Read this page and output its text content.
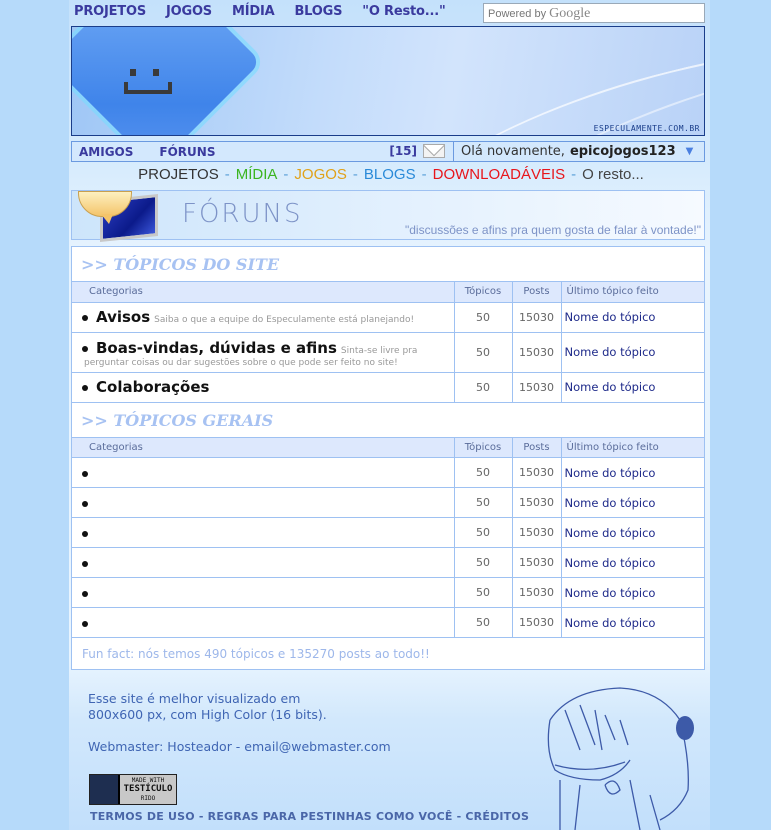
PROJETOS JOGOS MÍDIA BLOGS "O Resto..."	Powered by Google
ESPECULAMENTE.COM.BR
AMIGOS FÓRUNS	[15]	Olá novamente, epicojogos123 ▼
PROJETOS - MÍDIA - JOGOS - BLOGS - DOWNLOADÁVEIS - O resto...
FÓRUNS
"discussões e afins pra quem gosta de falar à vontade!"
>> TÓPICOS DO SITE
Categorias	Tópicos	Posts	Último tópico feito
Avisos Saiba o que a equipe do Especulamente está planejando!	50	15030	Nome do tópico
Boas-vindas, dúvidas e afins Sinta-se livre pra
perguntar coisas ou dar sugestões sobre o que pode ser feito no site!	50	15030	Nome do tópico
Colaborações	50	15030	Nome do tópico
>> TÓPICOS GERAIS
Categorias	Tópicos	Posts	Último tópico feito
	50	15030	Nome do tópico
	50	15030	Nome do tópico
	50	15030	Nome do tópico
	50	15030	Nome do tópico
	50	15030	Nome do tópico
	50	15030	Nome do tópico
Fun fact: nós temos 490 tópicos e 135270 posts ao todo!!
Esse site é melhor visualizado em
800x600 px, com High Color (16 bits).
Webmaster: Hosteador - email@webmaster.com
MADE WITH
TESTÍCULO
RIDO
TERMOS DE USO - REGRAS PARA PESTINHAS COMO VOCÊ - CRÉDITOS
